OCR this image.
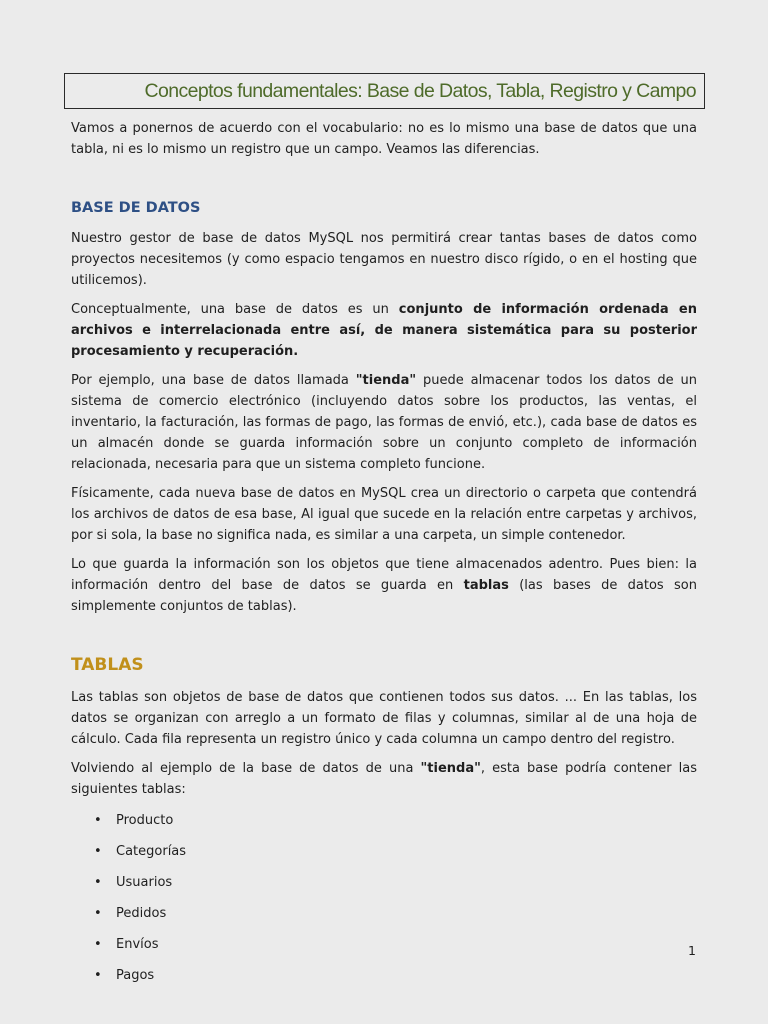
Conceptos fundamentales: Base de Datos, Tabla, Registro y Campo

Vamos a ponernos de acuerdo con el vocabulario: no es lo mismo una base de datos que una tabla, ni es lo mismo un registro que un campo. Veamos las diferencias.

BASE DE DATOS

Nuestro gestor de base de datos MySQL nos permitirá crear tantas bases de datos como proyectos necesitemos (y como espacio tengamos en nuestro disco rígido, o en el hosting que utilicemos).

Conceptualmente, una base de datos es un conjunto de información ordenada en archivos e interrelacionada entre así, de manera sistemática para su posterior procesamiento y recuperación.

Por ejemplo, una base de datos llamada "tienda" puede almacenar todos los datos de un sistema de comercio electrónico (incluyendo datos sobre los productos, las ventas, el inventario, la facturación, las formas de pago, las formas de envió, etc.), cada base de datos es un almacén donde se guarda información sobre un conjunto completo de información relacionada, necesaria para que un sistema completo funcione.

Físicamente, cada nueva base de datos en MySQL crea un directorio o carpeta que contendrá los archivos de datos de esa base, Al igual que sucede en la relación entre carpetas y archivos, por si sola, la base no significa nada, es similar a una carpeta, un simple contenedor.

Lo que guarda la información son los objetos que tiene almacenados adentro. Pues bien: la información dentro del base de datos se guarda en tablas (las bases de datos son simplemente conjuntos de tablas).

TABLAS

Las tablas son objetos de base de datos que contienen todos sus datos. ... En las tablas, los datos se organizan con arreglo a un formato de filas y columnas, similar al de una hoja de cálculo. Cada fila representa un registro único y cada columna un campo dentro del registro.

Volviendo al ejemplo de la base de datos de una "tienda", esta base podría contener las siguientes tablas:

• Producto
• Categorías
• Usuarios
• Pedidos
• Envíos
• Pagos
1
